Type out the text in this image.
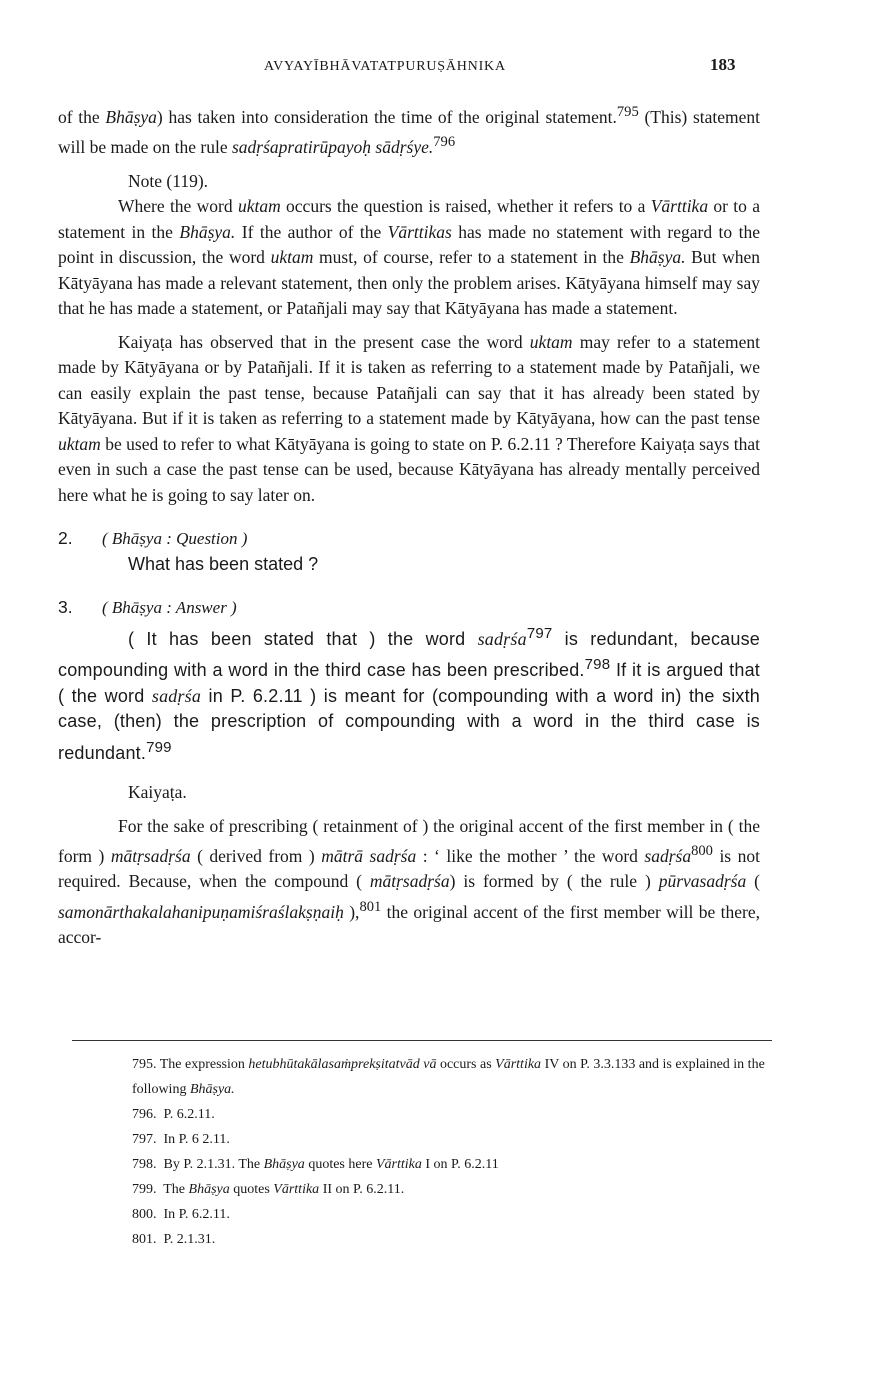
AVYAYĪBHĀVATATPURUṢĀHNIKA	183

of the Bhāṣya) has taken into consideration the time of the original statement.$^{795}$ (This) statement will be made on the rule sadṛśapratirūpayoḥ sādṛśye.$^{796}$

Note (119).

Where the word uktam occurs the question is raised, whether it refers to a Vārttika or to a statement in the Bhāṣya. If the author of the Vārttikas has made no statement with regard to the point in discussion, the word uktam must, of course, refer to a statement in the Bhāṣya. But when Kātyāyana has made a relevant statement, then only the problem arises. Kātyāyana himself may say that he has made a statement, or Patañjali may say that Kātyāyana has made a statement.

Kaiyaṭa has observed that in the present case the word uktam may refer to a statement made by Kātyāyana or by Patañjali. If it is taken as referring to a statement made by Patañjali, we can easily explain the past tense, because Patañjali can say that it has already been stated by Kātyāyana. But if it is taken as referring to a statement made by Kātyāyana, how can the past tense uktam be used to refer to what Kātyāyana is going to state on P. 6.2.11 ? Therefore Kaiyaṭa says that even in such a case the past tense can be used, because Kātyāyana has already mentally perceived here what he is going to say later on.

2. ( Bhāṣya : Question )

What has been stated ?

3. ( Bhāṣya : Answer )

( It has been stated that ) the word sadṛśa$^{797}$ is redundant, because compounding with a word in the third case has been prescribed.$^{798}$ If it is argued that ( the word sadṛśa in P. 6.2.11 ) is meant for (compounding with a word in) the sixth case, (then) the prescription of compounding with a word in the third case is redundant.$^{799}$

Kaiyaṭa.

For the sake of prescribing ( retainment of ) the original accent of the first member in ( the form ) mātṛsadṛśa ( derived from ) mātrā sadṛśa : ‘ like the mother ’ the word sadṛśa$^{800}$ is not required. Because, when the compound ( mātṛsadṛśa) is formed by ( the rule ) pūrvasadṛśa ( samonārthakalahanipuṇamiśraślakṣṇaiḥ ),$^{801}$ the original accent of the first member will be there, accor-

795. The expression hetubhūtakālasaṁprekṣitatvād vā occurs as Vārttika IV on P. 3.3.133 and is explained in the following Bhāṣya.

796. P. 6.2.11.

797. In P. 6 2.11.

798. By P. 2.1.31. The Bhāṣya quotes here Vārttika I on P. 6.2.11

799. The Bhāṣya quotes Vārttika II on P. 6.2.11.

800. In P. 6.2.11.

801. P. 2.1.31.
